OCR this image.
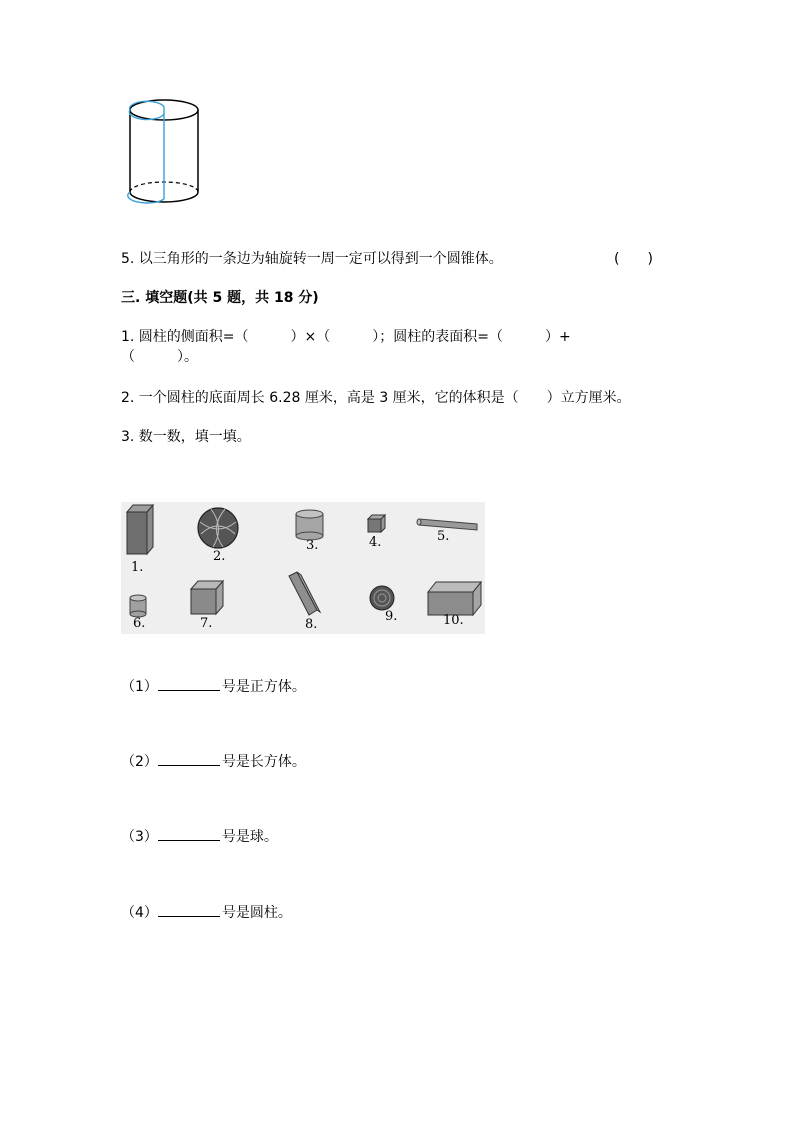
5. 以三角形的一条边为轴旋转一周一定可以得到一个圆锥体。	(　　)
三. 填空题(共 5 题，共 18 分)
1. 圆柱的侧面积=（　　　）×（　　　）；圆柱的表面积=（　　　）+
（　　　）。
2. 一个圆柱的底面周长 6.28 厘米，高是 3 厘米，它的体积是（　　）立方厘米。
3. 数一数，填一填。
1.
2.
3.	4.	5.
6.	7.	8.
9.	10.
（1）	号是正方体。
（2）	号是长方体。
（3）	号是球。
（4）	号是圆柱。
